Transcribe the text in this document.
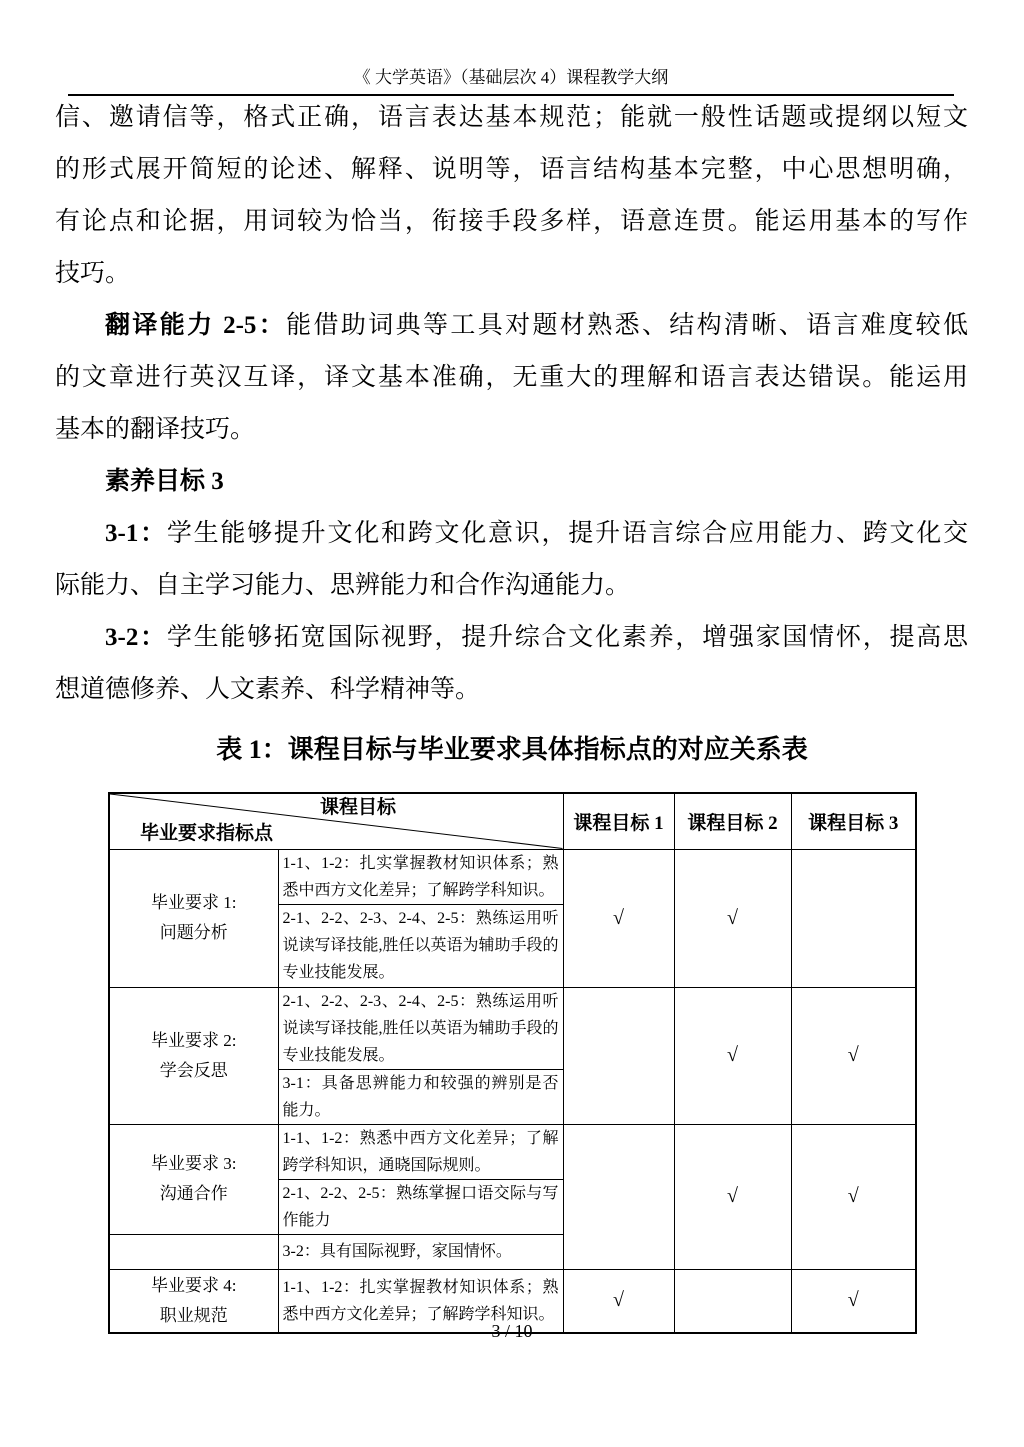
《 大学英语》（基础层次 4）课程教学大纲
信、邀请信等，格式正确，语言表达基本规范；能就一般性话题或提纲以短文
的形式展开简短的论述、解释、说明等，语言结构基本完整，中心思想明确，
有论点和论据，用词较为恰当，衔接手段多样，语意连贯。能运用基本的写作
技巧。
翻译能力 2-5：能借助词典等工具对题材熟悉、结构清晰、语言难度较低
的文章进行英汉互译，译文基本准确，无重大的理解和语言表达错误。能运用
基本的翻译技巧。
素养目标 3
3-1：学生能够提升文化和跨文化意识，提升语言综合应用能力、跨文化交
际能力、自主学习能力、思辨能力和合作沟通能力。
3-2：学生能够拓宽国际视野，提升综合文化素养，增强家国情怀，提高思
想道德修养、人文素养、科学精神等。
表 1：课程目标与毕业要求具体指标点的对应关系表
课程目标
毕业要求指标点		课程目标 1	课程目标 2	课程目标 3

毕业要求 1:
问题分析	1-1、1-2：扎实掌握教材知识体系；熟悉中西方文化差异；了解跨学科知识。	√	√	
	2-1、2-2、2-3、2-4、2-5：熟练运用听说读写译技能,胜任以英语为辅助手段的专业技能发展。			

毕业要求 2:
学会反思	2-1、2-2、2-3、2-4、2-5：熟练运用听说读写译技能,胜任以英语为辅助手段的专业技能发展。		√	√
	3-1：具备思辨能力和较强的辨别是否能力。			

毕业要求 3:
沟通合作	1-1、1-2：熟悉中西方文化差异；了解跨学科知识，通晓国际规则。		√	√
	2-1、2-2、2-5：熟练掌握口语交际与写作能力			
	3-2：具有国际视野，家国情怀。			

毕业要求 4:
职业规范	1-1、1-2：扎实掌握教材知识体系；熟悉中西方文化差异；了解跨学科知识。	√		√
3 / 10
